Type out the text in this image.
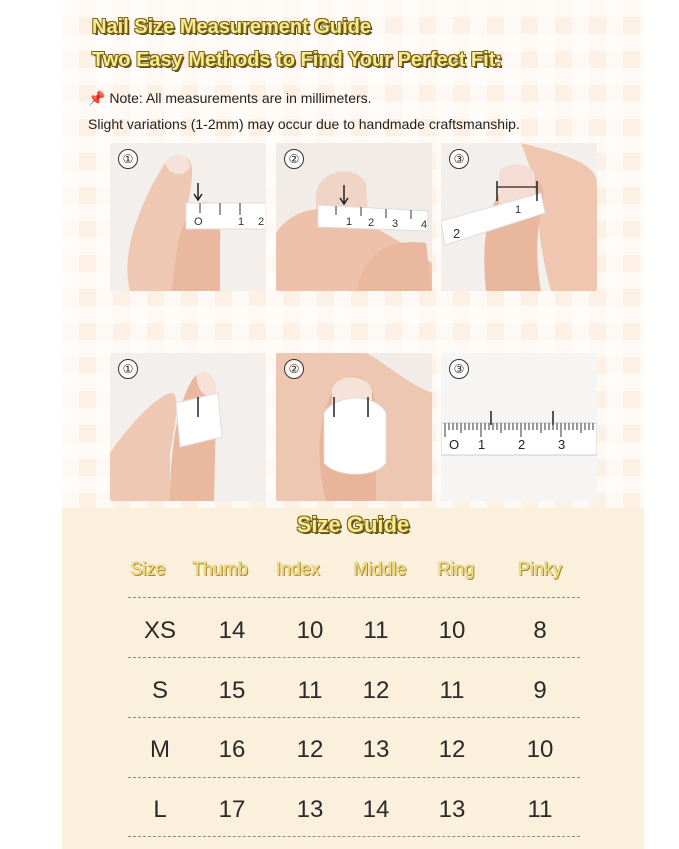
Nail Size Measurement Guide
Two Easy Methods to Find Your Perfect Fit:
📌 Note: All measurements are in millimeters.
Slight variations (1-2mm) may occur due to handmade craftsmanship.
O	1 2
①
1 2 3 4
②
2
1
③
①	②
O 1	2	3
③
Size Guide
Size	Thumb	Index	Middle	Ring	Pinky
XS	14	10	11	10	8
S	15	11	12	11	9
M	16	12	13	12	10
L	17	13	14	13	11
